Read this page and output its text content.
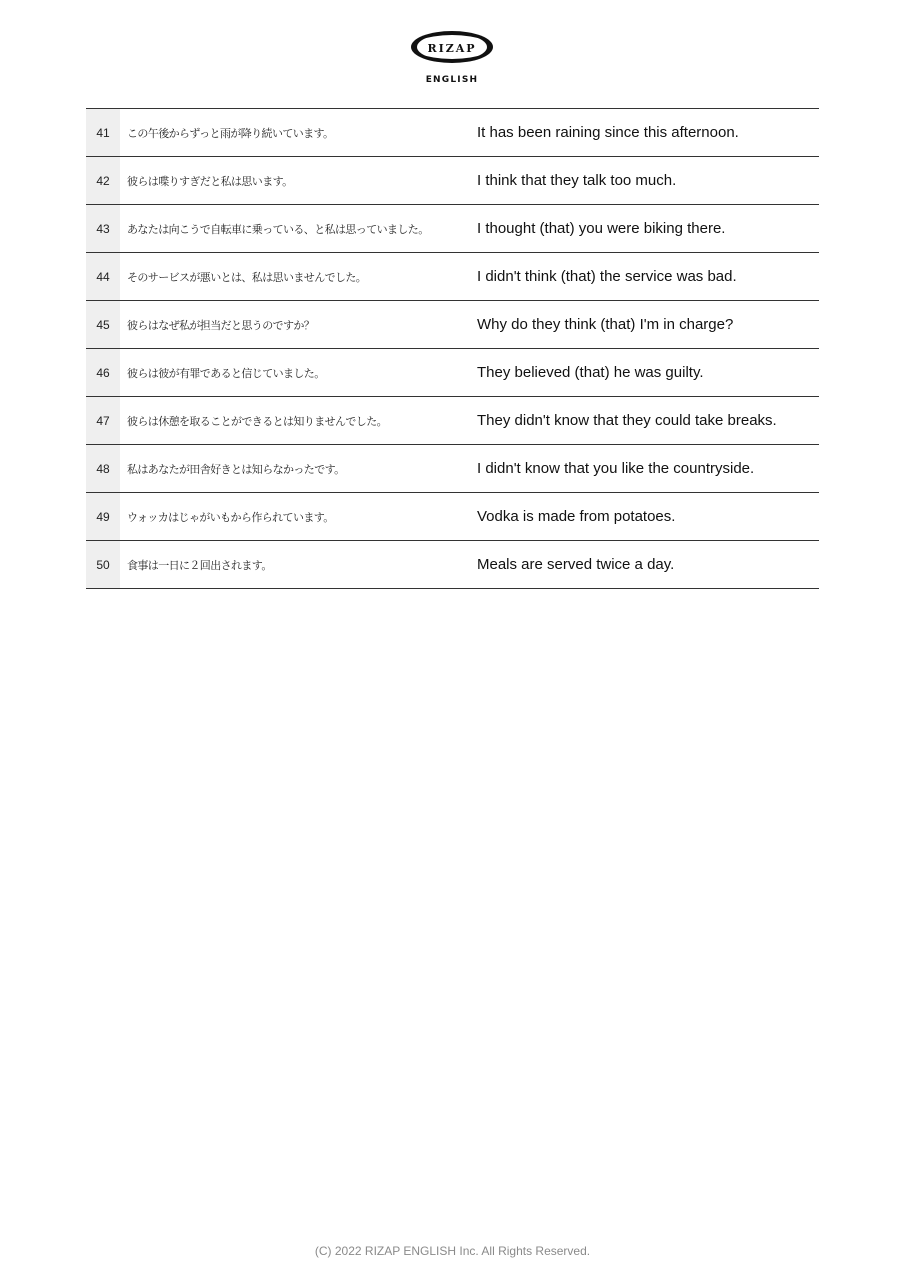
RIZAP
ENGLISH
41	この午後からずっと雨が降り続いています。	It has been raining since this afternoon.
42	彼らは喋りすぎだと私は思います。	I think that they talk too much.
43	あなたは向こうで自転車に乗っている、と私は思っていました。	I thought (that) you were biking there.
44	そのサービスが悪いとは、私は思いませんでした。	I didn't think (that) the service was bad.
45	彼らはなぜ私が担当だと思うのですか？	Why do they think (that) I'm in charge?
46	彼らは彼が有罪であると信じていました。	They believed (that) he was guilty.
47	彼らは休憩を取ることができるとは知りませんでした。	They didn't know that they could take breaks.
48	私はあなたが田舎好きとは知らなかったです。	I didn't know that you like the countryside.
49	ウォッカはじゃがいもから作られています。	Vodka is made from potatoes.
50	食事は一日に２回出されます。	Meals are served twice a day.
(C) 2022 RIZAP ENGLISH Inc. All Rights Reserved.
